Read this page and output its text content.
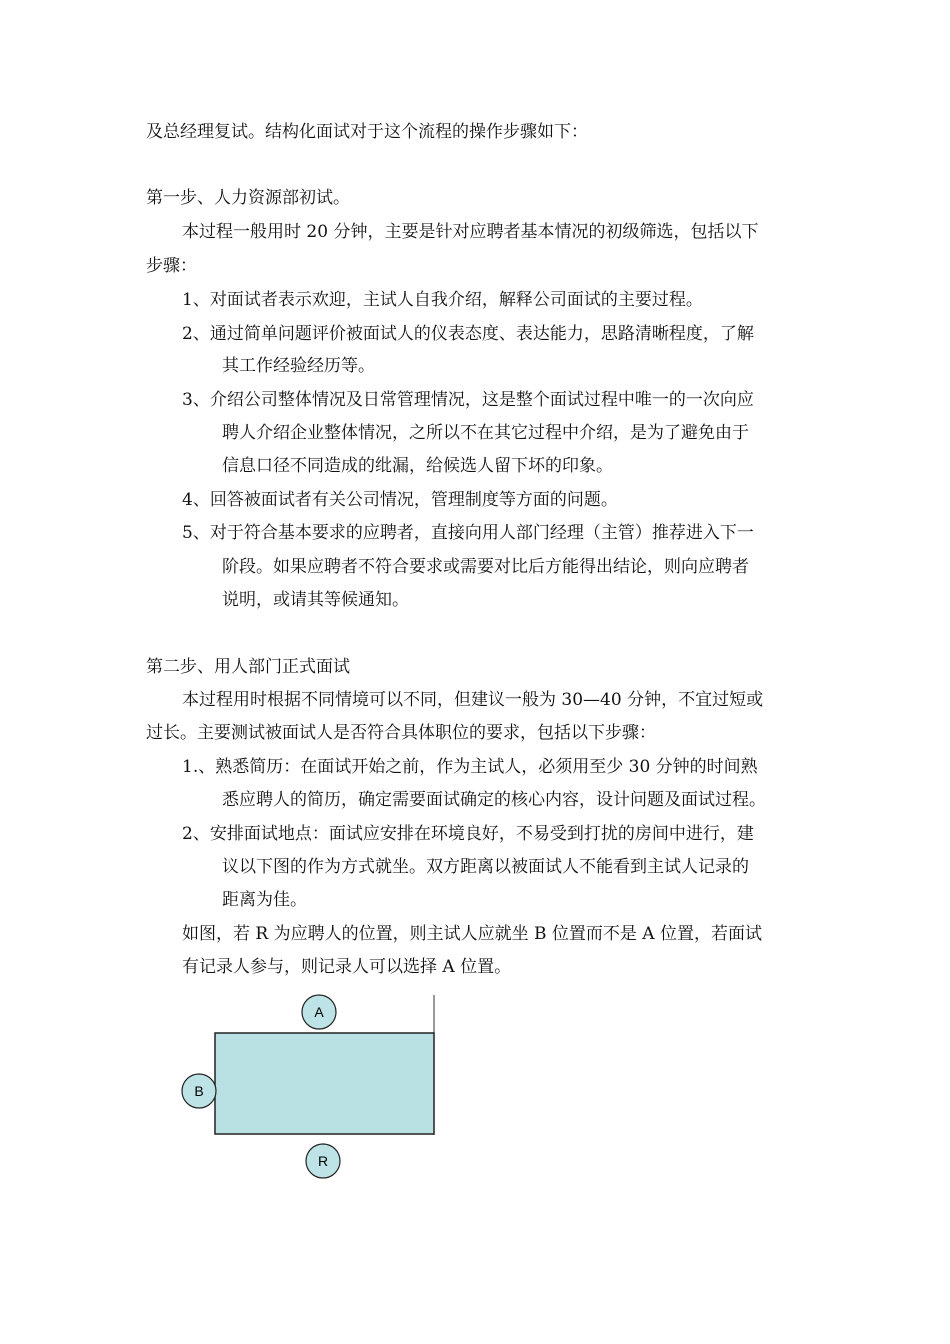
及总经理复试。结构化面试对于这个流程的操作步骤如下：
第一步、人力资源部初试。
本过程一般用时 20 分钟，主要是针对应聘者基本情况的初级筛选，包括以下
步骤：
1、对面试者表示欢迎，主试人自我介绍，解释公司面试的主要过程。
2、通过简单问题评价被面试人的仪表态度、表达能力，思路清晰程度，了解
其工作经验经历等。
3、介绍公司整体情况及日常管理情况，这是整个面试过程中唯一的一次向应
聘人介绍企业整体情况，之所以不在其它过程中介绍，是为了避免由于
信息口径不同造成的纰漏，给候选人留下坏的印象。
4、回答被面试者有关公司情况，管理制度等方面的问题。
5、对于符合基本要求的应聘者，直接向用人部门经理（主管）推荐进入下一
阶段。如果应聘者不符合要求或需要对比后方能得出结论，则向应聘者
说明，或请其等候通知。
第二步、用人部门正式面试
本过程用时根据不同情境可以不同，但建议一般为 30—40 分钟，不宜过短或
过长。主要测试被面试人是否符合具体职位的要求，包括以下步骤：
1.、熟悉简历：在面试开始之前，作为主试人，必须用至少 30 分钟的时间熟
悉应聘人的简历，确定需要面试确定的核心内容，设计问题及面试过程。
2、安排面试地点：面试应安排在环境良好，不易受到打扰的房间中进行，建
议以下图的作为方式就坐。双方距离以被面试人不能看到主试人记录的
距离为佳。
如图，若 R 为应聘人的位置，则主试人应就坐 B 位置而不是 A 位置，若面试
有记录人参与，则记录人可以选择 A 位置。
A
B
R
